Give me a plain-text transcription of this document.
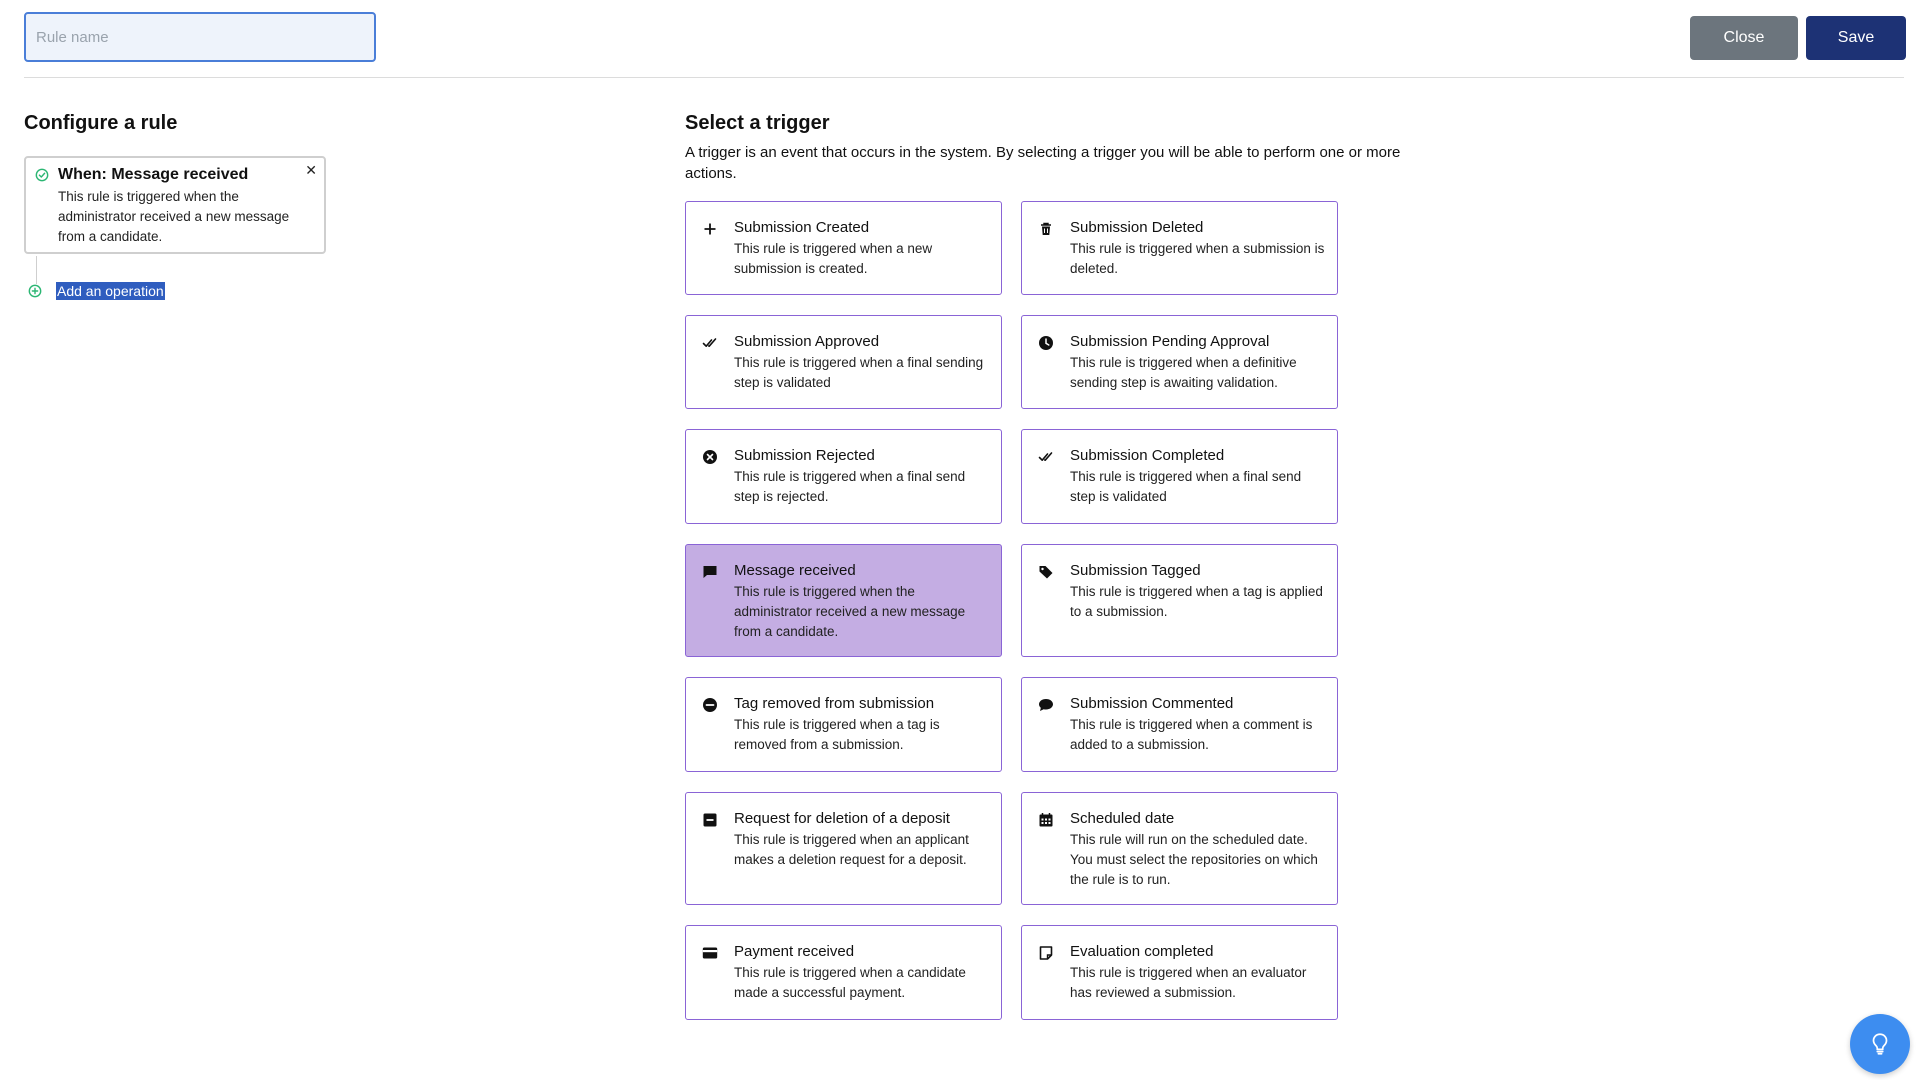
Rule name
Close	Save
Configure a rule
When: Message received
This rule is triggered when the administrator received a new message from a candidate.
✕
Add an operation
Select a trigger
A trigger is an event that occurs in the system. By selecting a trigger you will be able to perform one or more actions.
Submission Created
This rule is triggered when a new submission is created.
Submission Deleted
This rule is triggered when a submission is deleted.
Submission Approved
This rule is triggered when a final sending step is validated
Submission Pending Approval
This rule is triggered when a definitive sending step is awaiting validation.
Submission Rejected
This rule is triggered when a final send step is rejected.
Submission Completed
This rule is triggered when a final send step is validated
Message received
This rule is triggered when the administrator received a new message from a candidate.
Submission Tagged
This rule is triggered when a tag is applied to a submission.
Tag removed from submission
This rule is triggered when a tag is removed from a submission.
Submission Commented
This rule is triggered when a comment is added to a submission.
Request for deletion of a deposit
This rule is triggered when an applicant makes a deletion request for a deposit.
Scheduled date
This rule will run on the scheduled date. You must select the repositories on which the rule is to run.
Payment received
This rule is triggered when a candidate made a successful payment.
Evaluation completed
This rule is triggered when an evaluator has reviewed a submission.
